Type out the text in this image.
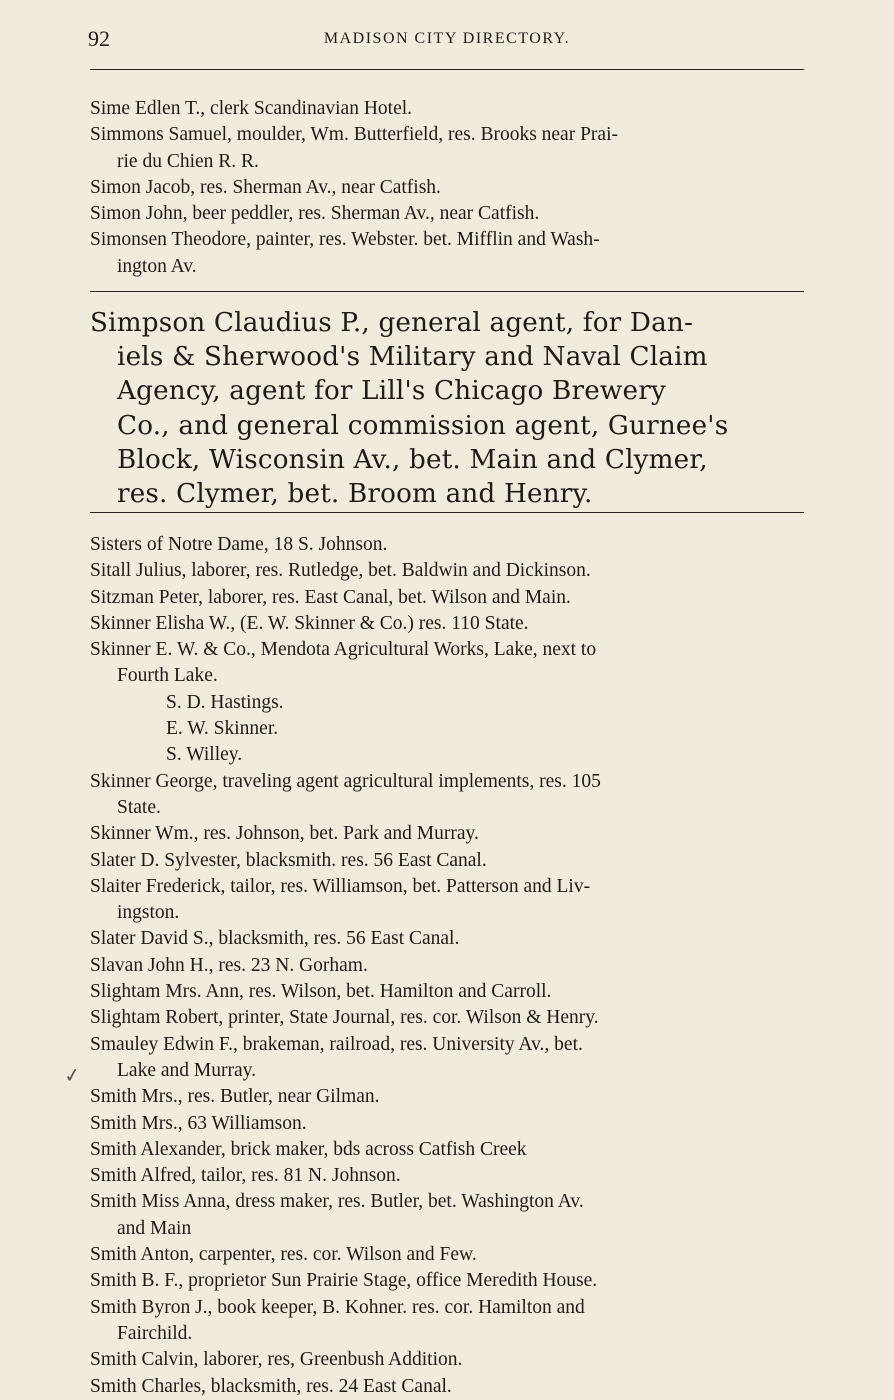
92	MADISON CITY DIRECTORY.
Sime Edlen T., clerk Scandinavian Hotel.
Simmons Samuel, moulder, Wm. Butterfield, res. Brooks near Prai-
rie du Chien R. R.
Simon Jacob, res. Sherman Av., near Catfish.
Simon John, beer peddler, res. Sherman Av., near Catfish.
Simonsen Theodore, painter, res. Webster. bet. Mifflin and Wash-
ington Av.
Simpson Claudius P., general agent, for Dan-
iels & Sherwood's Military and Naval Claim
Agency, agent for Lill's Chicago Brewery
Co., and general commission agent, Gurnee's
Block, Wisconsin Av., bet. Main and Clymer,
res. Clymer, bet. Broom and Henry.
Sisters of Notre Dame, 18 S. Johnson.
Sitall Julius, laborer, res. Rutledge, bet. Baldwin and Dickinson.
Sitzman Peter, laborer, res. East Canal, bet. Wilson and Main.
Skinner Elisha W., (E. W. Skinner & Co.) res. 110 State.
Skinner E. W. & Co., Mendota Agricultural Works, Lake, next to
Fourth Lake.
S. D. Hastings.
E. W. Skinner.
S. Willey.
Skinner George, traveling agent agricultural implements, res. 105
State.
Skinner Wm., res. Johnson, bet. Park and Murray.
Slater D. Sylvester, blacksmith. res. 56 East Canal.
Slaiter Frederick, tailor, res. Williamson, bet. Patterson and Liv-
ingston.
Slater David S., blacksmith, res. 56 East Canal.
Slavan John H., res. 23 N. Gorham.
Slightam Mrs. Ann, res. Wilson, bet. Hamilton and Carroll.
Slightam Robert, printer, State Journal, res. cor. Wilson & Henry.
Smauley Edwin F., brakeman, railroad, res. University Av., bet.
Lake and Murray.
Smith Mrs., res. Butler, near Gilman.
Smith Mrs., 63 Williamson.
Smith Alexander, brick maker, bds across Catfish Creek
Smith Alfred, tailor, res. 81 N. Johnson.
Smith Miss Anna, dress maker, res. Butler, bet. Washington Av.
and Main
Smith Anton, carpenter, res. cor. Wilson and Few.
Smith B. F., proprietor Sun Prairie Stage, office Meredith House.
Smith Byron J., book keeper, B. Kohner. res. cor. Hamilton and
Fairchild.
Smith Calvin, laborer, res, Greenbush Addition.
Smith Charles, blacksmith, res. 24 East Canal.
✓
